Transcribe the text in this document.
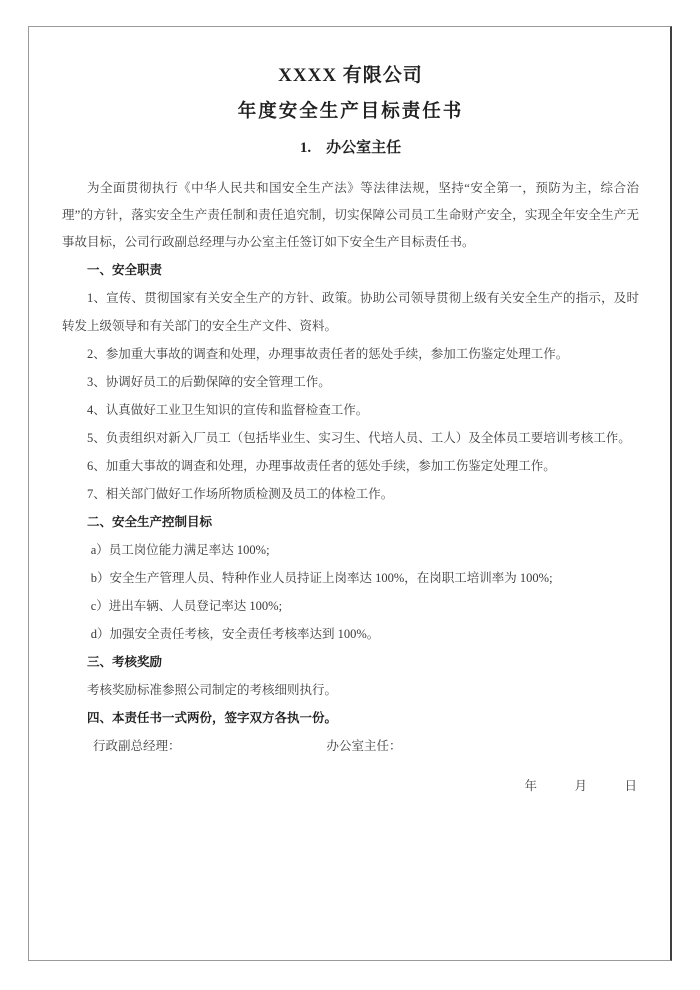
XXXX 有限公司
年度安全生产目标责任书
1.　办公室主任

为全面贯彻执行《中华人民共和国安全生产法》等法律法规，坚持“安全第一，预防为主，综合治理”的方针，落实安全生产责任制和责任追究制，切实保障公司员工生命财产安全，实现全年安全生产无事故目标，公司行政副总经理与办公室主任签订如下安全生产目标责任书。

一、安全职责

1、宣传、贯彻国家有关安全生产的方针、政策。协助公司领导贯彻上级有关安全生产的指示，及时转发上级领导和有关部门的安全生产文件、资料。

2、参加重大事故的调查和处理，办理事故责任者的惩处手续，参加工伤鉴定处理工作。

3、协调好员工的后勤保障的安全管理工作。

4、认真做好工业卫生知识的宣传和监督检查工作。

5、负责组织对新入厂员工（包括毕业生、实习生、代培人员、工人）及全体员工要培训考核工作。

6、加重大事故的调查和处理，办理事故责任者的惩处手续，参加工伤鉴定处理工作。

7、相关部门做好工作场所物质检测及员工的体检工作。

二、安全生产控制目标

a）员工岗位能力满足率达 100%;

b）安全生产管理人员、特种作业人员持证上岗率达 100%，在岗职工培训率为 100%;

c）进出车辆、人员登记率达 100%;

d）加强安全责任考核，安全责任考核率达到 100%。

三、考核奖励

考核奖励标准参照公司制定的考核细则执行。

四、本责任书一式两份，签字双方各执一份。

行政副总经理：	办公室主任：

年　　　月　　　日
